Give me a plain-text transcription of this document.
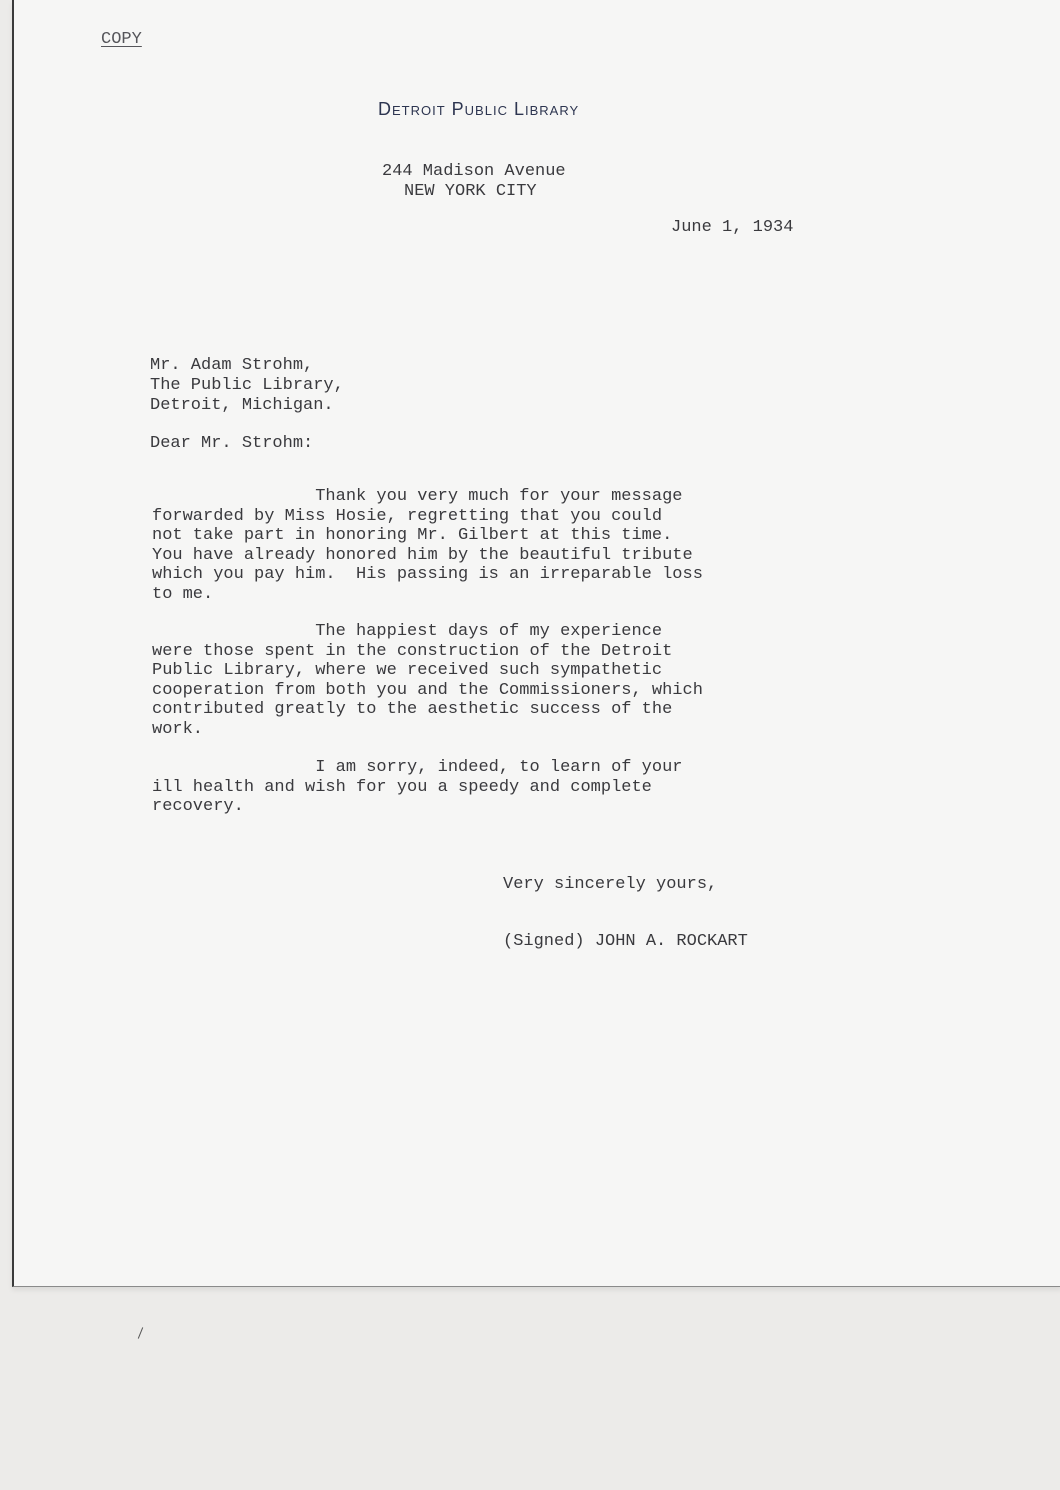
COPY
Detroit Public Library
244 Madison Avenue
NEW YORK CITY
June 1, 1934
Mr. Adam Strohm,
The Public Library,
Detroit, Michigan.
Dear Mr. Strohm:
Thank you very much for your message
forwarded by Miss Hosie, regretting that you could
not take part in honoring Mr. Gilbert at this time.
You have already honored him by the beautiful tribute
which you pay him.  His passing is an irreparable loss
to me.
The happiest days of my experience
were those spent in the construction of the Detroit
Public Library, where we received such sympathetic
cooperation from both you and the Commissioners, which
contributed greatly to the aesthetic success of the
work.
I am sorry, indeed, to learn of your
ill health and wish for you a speedy and complete
recovery.
Very sincerely yours,
(Signed) JOHN A. ROCKART
